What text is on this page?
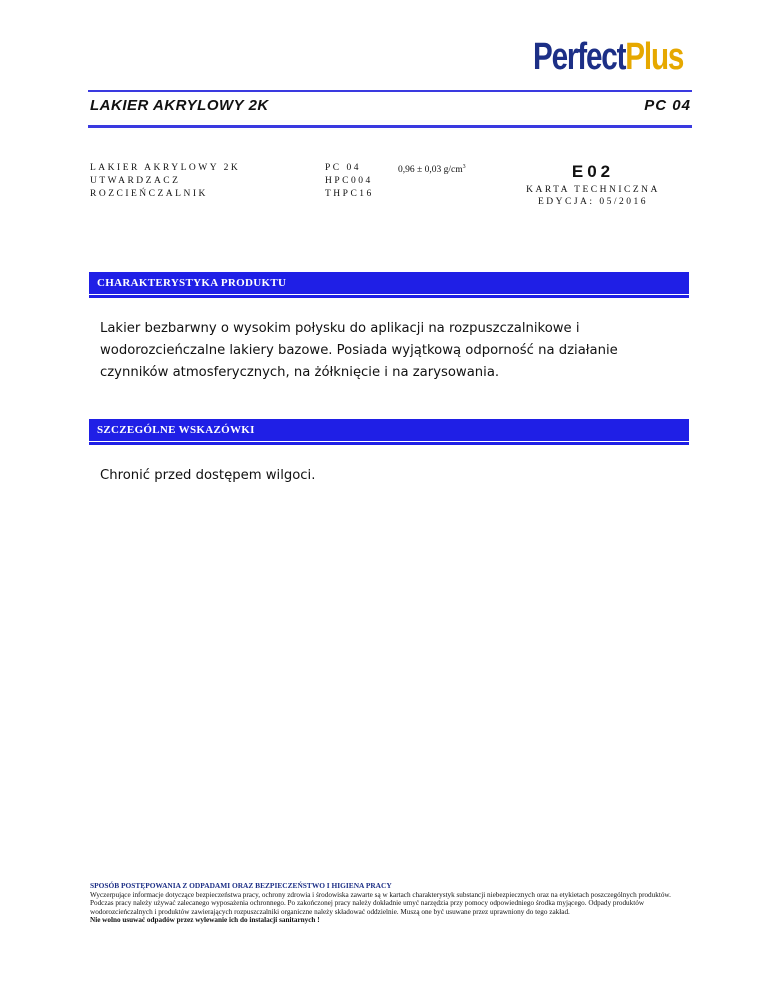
PerfectPlus
LAKIER AKRYLOWY 2K	PC 04
LAKIER AKRYLOWY 2K
UTWARDZACZ
ROZCIEŃCZALNIK
PC 04
HPC004
THPC16
0,96 ± 0,03 $g/cm^3$	E02
KARTA TECHNICZNA
EDYCJA: 05/2016
CHARAKTERYSTYKA PRODUKTU
Lakier bezbarwny o wysokim połysku do aplikacji na rozpuszczalnikowe i wodorozcieńczalne lakiery bazowe. Posiada wyjątkową odporność na działanie czynników atmosferycznych, na żółknięcie i na zarysowania.
SZCZEGÓLNE WSKAZÓWKI
Chronić przed dostępem wilgoci.
SPOSÓB POSTĘPOWANIA Z ODPADAMI ORAZ BEZPIECZEŃSTWO I HIGIENA PRACY
Wyczerpujące informacje dotyczące bezpieczeństwa pracy, ochrony zdrowia i środowiska zawarte są w kartach charakterystyk substancji niebezpiecznych oraz na etykietach poszczególnych produktów. Podczas pracy należy używać zalecanego wyposażenia ochronnego. Po zakończonej pracy należy dokładnie umyć narzędzia przy pomocy odpowiedniego środka myjącego. Odpady produktów wodorozcieńczalnych i produktów zawierających rozpuszczalniki organiczne należy składować oddzielnie. Muszą one być usuwane przez uprawniony do tego zakład.
Nie wolno usuwać odpadów przez wylewanie ich do instalacji sanitarnych !
